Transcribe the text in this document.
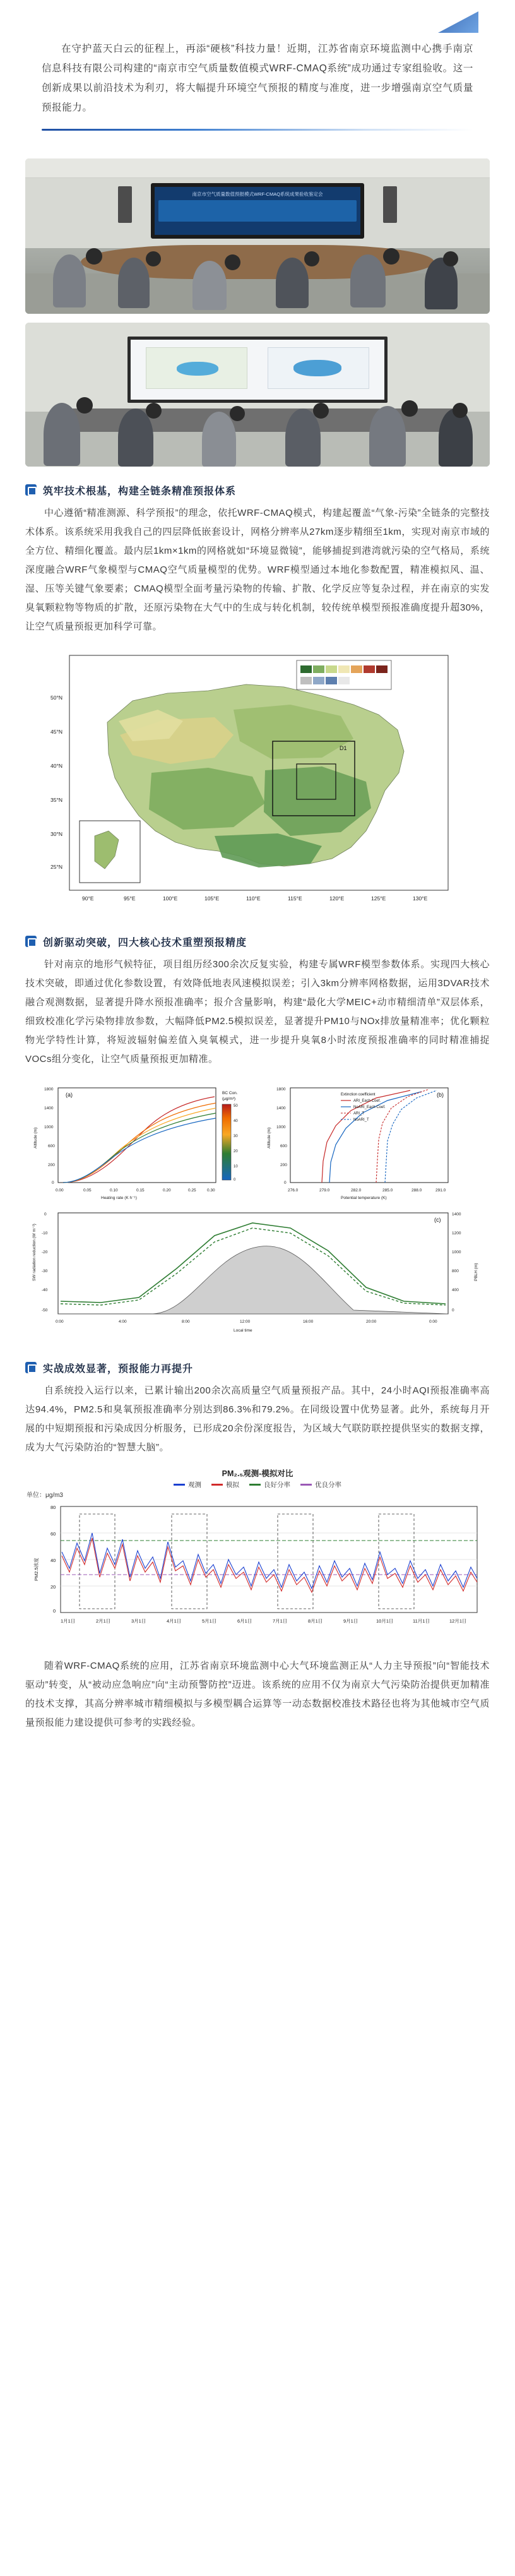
在守护蓝天白云的征程上，再添“硬核”科技力量！近期，江苏省南京环境监测中心携手南京信息科技有限公司构建的“南京市空气质量数值模式WRF-CMAQ系统”成功通过专家组验收。这一创新成果以前沿技术为利刃，将大幅提升环境空气预报的精度与准度，进一步增强南京空气质量预报能力。

南京市空气质量数值预报模式WRF-CMAQ系统成果验收鉴定会
筑牢技术根基，构建全链条精准预报体系

中心遵循“精准测源、科学预报”的理念，依托WRF-CMAQ模式，构建起覆盖“气象-污染”全链条的完整技术体系。该系统采用我我自己的四层降低嵌套设计，网格分辨率从27km逐步精细至1km，实现对南京市域的全方位、精细化覆盖。最内层1km×1km的网格就如“环境显微镜”，能够捕捉到港湾就污染的空气格局，系统深度融合WRF气象模型与CMAQ空气质量模型的优势。WRF模型通过本地化参数配置，精准模拟风、温、湿、压等关键气象要素；CMAQ模型全面考量污染物的传输、扩散、化学反应等复杂过程，并在南京的实发臭氧颗粒物等物质的扩散，还原污染物在大气中的生成与转化机制，较传统单模型预报准确度提升超30%，让空气质量预报更加科学可靠。

D1
50°N
45°N
40°N
35°N
30°N
25°N
90°E	95°E	100°E	105°E	110°E	115°E	120°E	125°E	130°E
创新驱动突破，四大核心技术重塑预报精度

针对南京的地形气候特征，项目组历经300余次反复实验，构建专属WRF模型参数体系。实现四大核心技术突破，即通过优化参数设置，有效降低地表风速模拟误差；引入3km分辨率网格数据，运用3DVAR技术融合观测数据，显著提升降水预报准确率；报介含量影响，构建“最化大学MEIC+动市精细清单”双层体系，细致校准化学污染物排放参数，大幅降低PM2.5模拟误差，显著提升PM10与NOx排放量精准率；优化颗粒物光学特性计算，将短波辐射偏差值入臭氧模式，进一步提升臭氧8小时浓度预报准确率的同时精准捕捉VOCs组分变化，让空气质量预报更加精准。

(a)
1800
1400
1000
600
200
0
0.00	0.05	0.10	0.15	0.20	0.25	0.30
Heating rate (K h⁻¹)
Altitude (m)
BC Con.
(μg/m³)
50
40
30
20
10
0
(b)
1800
1400
1000
600
200
0
276.0	279.0	282.0	285.0	288.0	291.0
Potential temperature (K)
Altitude (m)
Extinction coefficient
ARI_Each Coef.
NoARI_Each Coef.
ARI_T
NoARI_T
(c)
0
-10
-20
-30
-40
-50
1400
1200
1000
800
400
0
0:00	4:00	8:00	12:00	16:00	20:00	0:00
Local time
SW radiation reduction (W m⁻²)	PBLH (m)
实战成效显著，预报能力再提升

自系统投入运行以来，已累计输出200余次高质量空气质量预报产品。其中，24小时AQI预报准确率高达94.4%，PM2.5和臭氧预报准确率分别达到86.3%和79.2%。在同级设置中优势显著。此外，系统每月开展的中短期预报和污染成因分析服务，已形成20余份深度报告，为区域大气联防联控提供坚实的数据支撑，成为大气污染防治的“智慧大脑”。

PM₂.₅观测-模拟对比
观测	模拟	良好分率	优良分率
单位：μg/m3
80
60
40
20
0
PM2.5浓度
1月1日	2月1日	3月1日	4月1日	5月1日	6月1日	7月1日	8月1日	9月1日	10月1日	11月1日	12月1日

随着WRF-CMAQ系统的应用，江苏省南京环境监测中心大气环境监测正从“人力主导预报”向“智能技术驱动”转变，从“被动应急响应”向“主动预警防控”迈进。该系统的应用不仅为南京大气污染防治提供更加精准的技术支撑，其高分辨率城市精细模拟与多模型耦合运算等一动态数据校准技术路径也将为其他城市空气质量预报能力建设提供可参考的实践经验。
